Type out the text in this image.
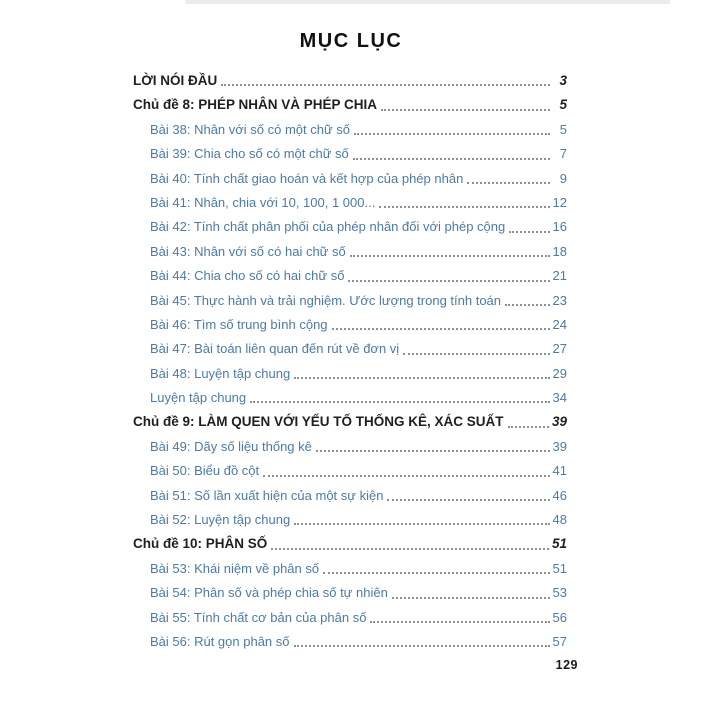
MỤC LỤC
LỜI NÓI ĐẦU	3
Chủ đề 8: PHÉP NHÂN VÀ PHÉP CHIA	5
Bài 38: Nhân với số có một chữ số	5
Bài 39: Chia cho số có một chữ số	7
Bài 40: Tính chất giao hoán và kết hợp của phép nhân	9
Bài 41: Nhân, chia với 10, 100, 1 000...	12
Bài 42: Tính chất phân phối của phép nhân đối với phép cộng	16
Bài 43: Nhân với số có hai chữ số	18
Bài 44: Chia cho số có hai chữ số	21
Bài 45: Thực hành và trải nghiệm. Ước lượng trong tính toán	23
Bài 46: Tìm số trung bình cộng	24
Bài 47: Bài toán liên quan đến rút về đơn vị	27
Bài 48: Luyện tập chung	29
Luyện tập chung	34
Chủ đề 9: LÀM QUEN VỚI YẾU TỐ THỐNG KÊ, XÁC SUẤT	39
Bài 49: Dãy số liệu thống kê	39
Bài 50: Biểu đồ cột	41
Bài 51: Số lần xuất hiện của một sự kiện	46
Bài 52: Luyện tập chung	48
Chủ đề 10: PHÂN SỐ	51
Bài 53: Khái niệm về phân số	51
Bài 54: Phân số và phép chia số tự nhiên	53
Bài 55: Tính chất cơ bản của phân số	56
Bài 56: Rút gọn phân số	57
129
